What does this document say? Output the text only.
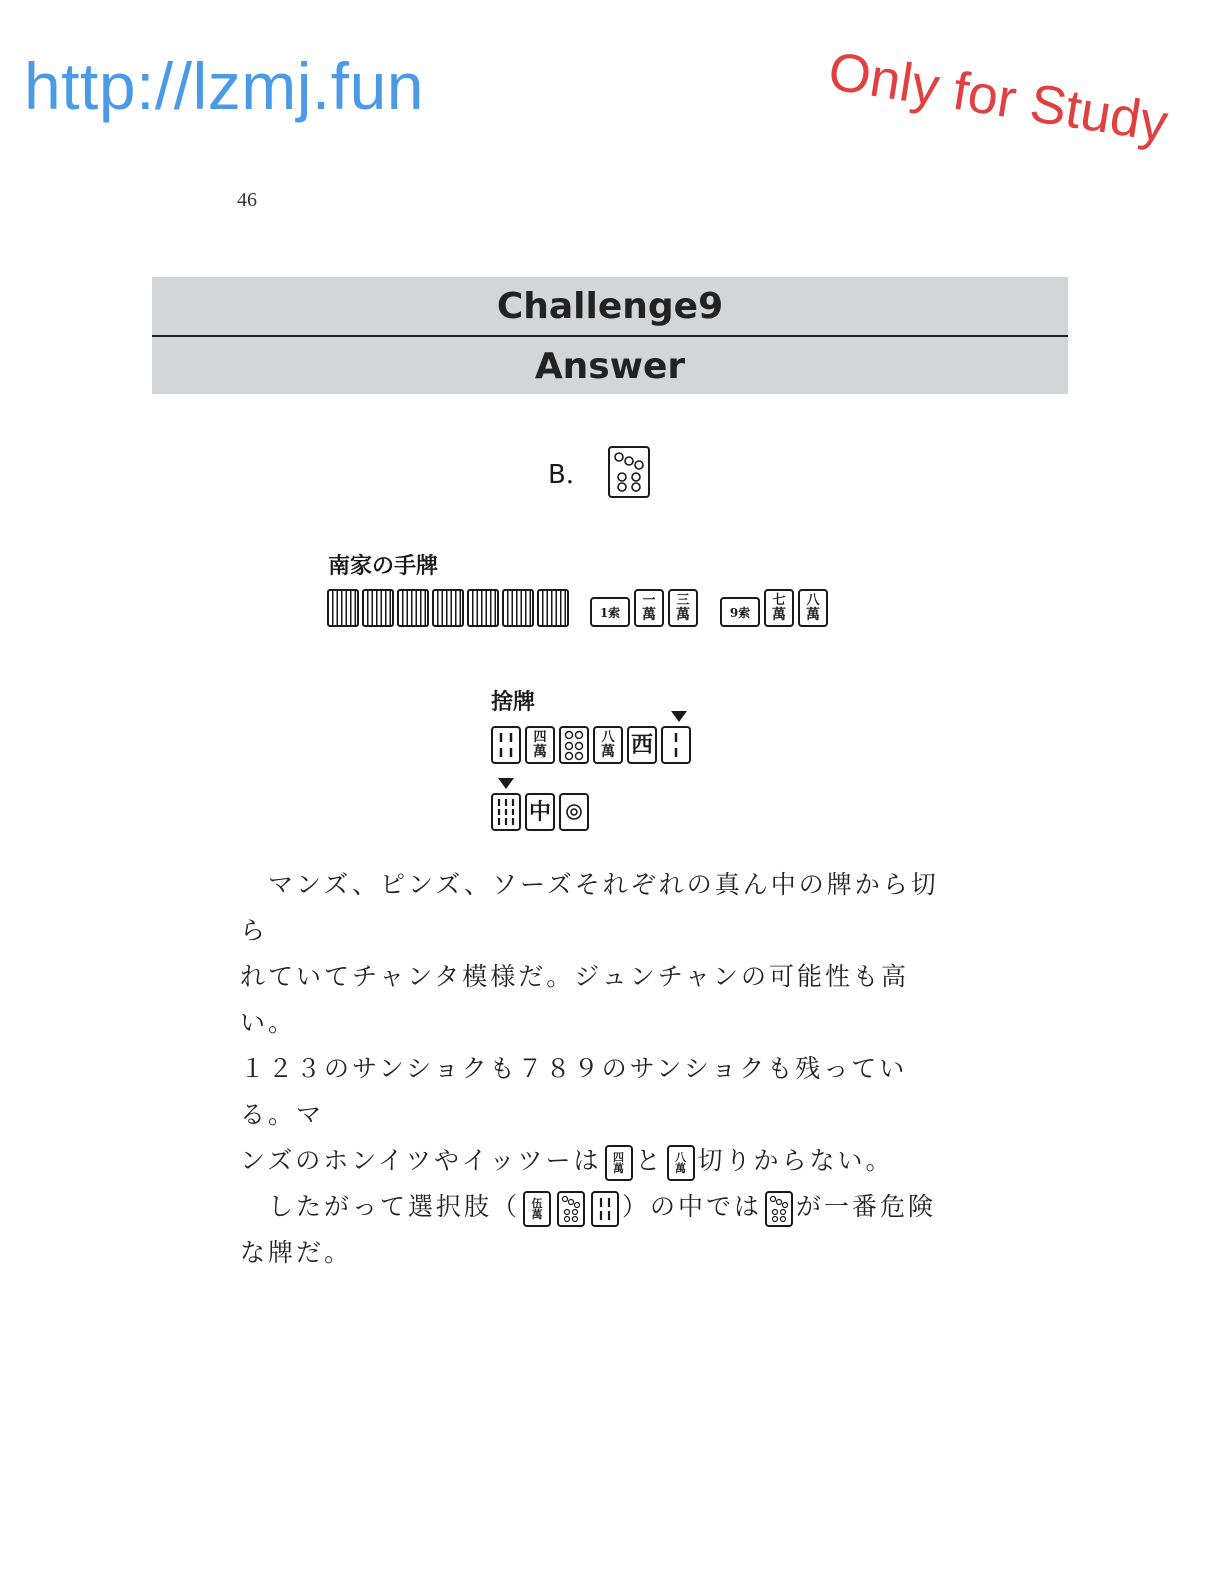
http://lzmj.fun	Only for Study
46
Challenge9
Answer
B．
南家の手牌
1索
一
萬
三
萬	9索
七
萬
八
萬
捨牌
四
萬
八
萬 西
中

　マンズ、ピンズ、ソーズそれぞれの真ん中の牌から切ら

れていてチャンタ模様だ。ジュンチャンの可能性も高い。

１２３のサンショクも７８９のサンショクも残っている。マ

ンズのホンイツやイッツーは 四
萬 と 八
萬 切りからない。

　したがって選択肢（ 伍
萬	）の中では が一番危険

な牌だ。
